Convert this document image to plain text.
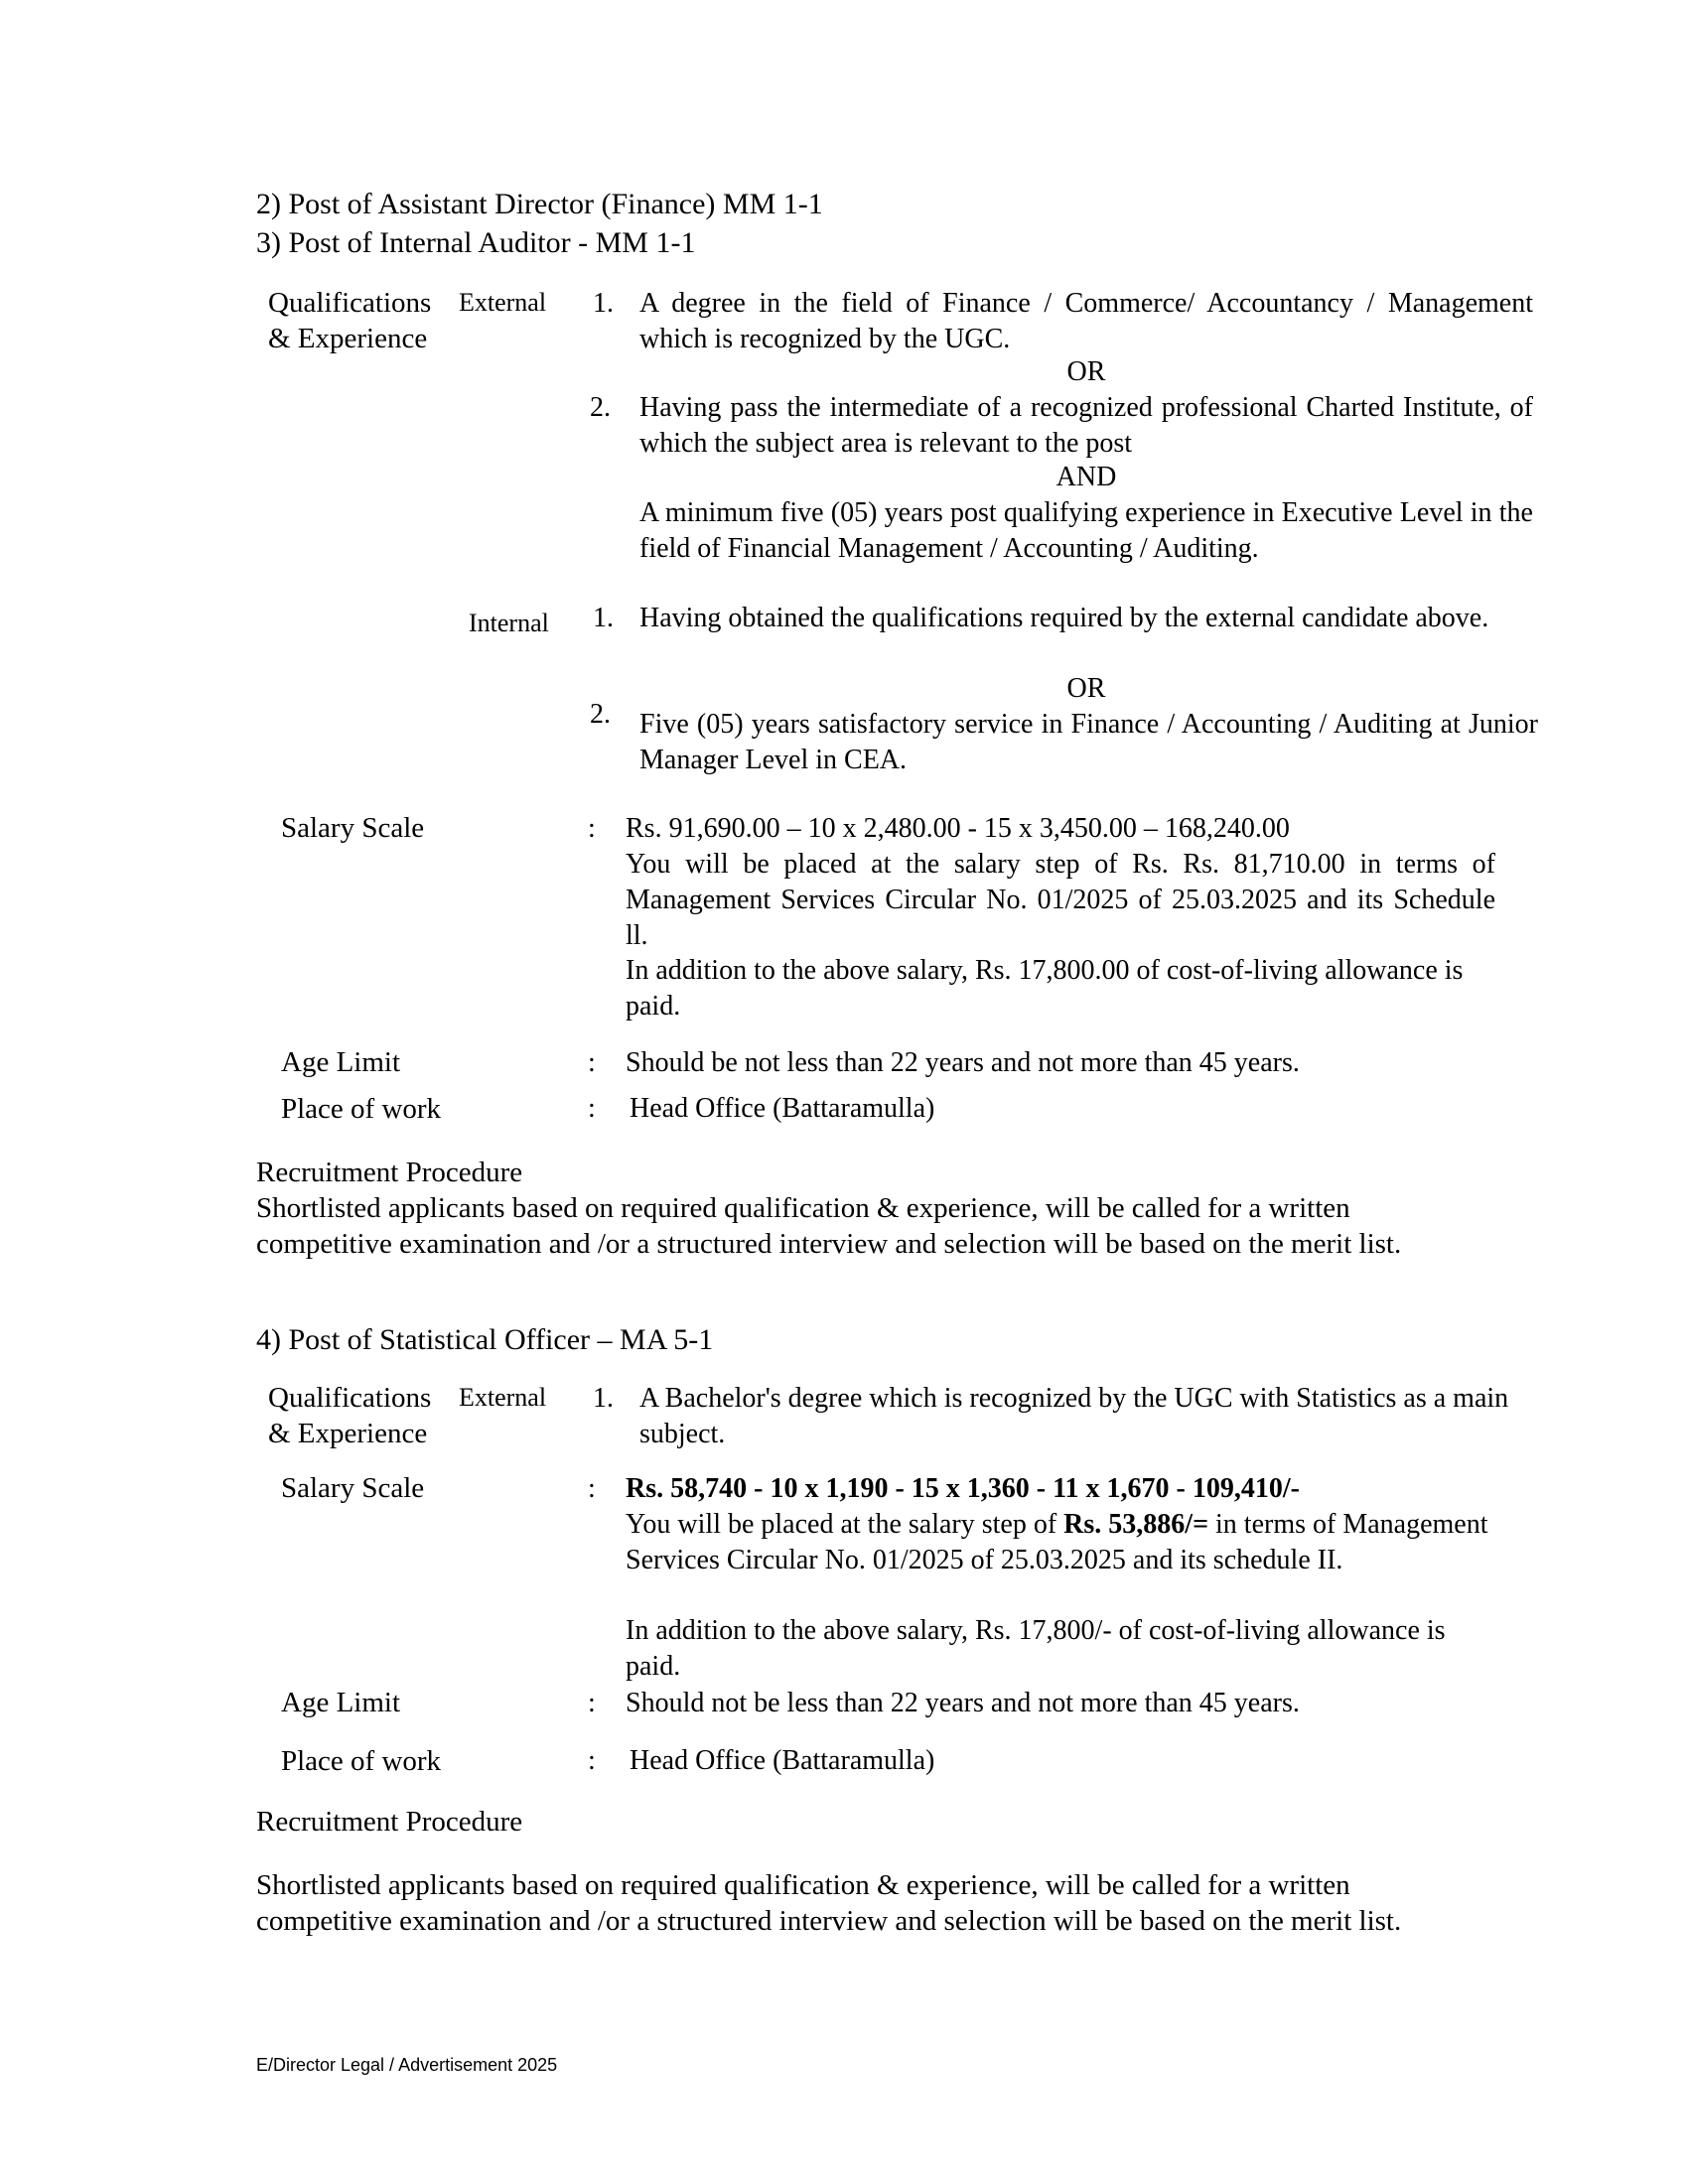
2) Post of Assistant Director (Finance) MM 1-1
3) Post of Internal Auditor - MM 1-1
Qualifications
& Experience
External 1. A degree in the field of Finance / Commerce/ Accountancy / Management which is recognized by the UGC.
OR
2. Having pass the intermediate of a recognized professional Charted Institute, of which the subject area is relevant to the post
AND
A minimum five (05) years post qualifying experience in Executive Level in the field of Financial Management / Accounting / Auditing.
Internal 1. Having obtained the qualifications required by the external candidate above.
OR
2. Five (05) years satisfactory service in Finance / Accounting / Auditing at Junior Manager Level in CEA.
Salary Scale	: Rs. 91,690.00 – 10 x 2,480.00 - 15 x 3,450.00 – 168,240.00
You will be placed at the salary step of Rs. Rs. 81,710.00 in terms of Management Services Circular No. 01/2025 of 25.03.2025 and its Schedule ll.
In addition to the above salary, Rs. 17,800.00 of cost-of-living allowance is paid.
Age Limit	: Should be not less than 22 years and not more than 45 years.
Place of work	: Head Office (Battaramulla)
Recruitment Procedure
Shortlisted applicants based on required qualification & experience, will be called for a written competitive examination and /or a structured interview and selection will be based on the merit list.
4) Post of Statistical Officer – MA 5-1
Qualifications
& Experience
External 1. A Bachelor's degree which is recognized by the UGC with Statistics as a main subject.
Salary Scale	: Rs. 58,740 - 10 x 1,190 - 15 x 1,360 - 11 x 1,670 - 109,410/-
You will be placed at the salary step of Rs. 53,886/= in terms of Management Services Circular No. 01/2025 of 25.03.2025 and its schedule II.
In addition to the above salary, Rs. 17,800/- of cost-of-living allowance is paid.
Age Limit	: Should not be less than 22 years and not more than 45 years.
Place of work	: Head Office (Battaramulla)
Recruitment Procedure
Shortlisted applicants based on required qualification & experience, will be called for a written competitive examination and /or a structured interview and selection will be based on the merit list.
E/Director Legal / Advertisement 2025
